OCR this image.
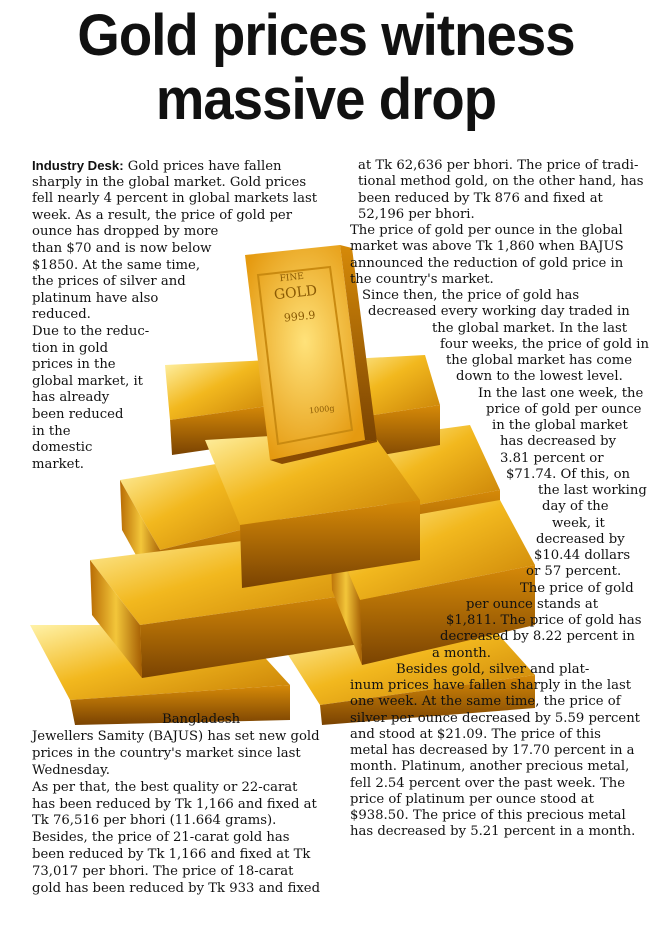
Gold prices witness
massive drop
FINE
GOLD
999.9
1000g
Industry Desk: Gold prices have fallen
sharply in the global market. Gold prices
fell nearly 4 percent in global markets last
week. As a result, the price of gold per
ounce has dropped by more
than $70 and is now below
$1850. At the same time,
the prices of silver and
platinum have also
reduced.
Due to the reduc-
tion in gold
prices in the
global market, it
has already
been reduced
in the
domestic
market.
Bangladesh
Jewellers Samity (BAJUS) has set new gold
prices in the country's market since last
Wednesday.
As per that, the best quality or 22-carat
has been reduced by Tk 1,166 and fixed at
Tk 76,516 per bhori (11.664 grams).
Besides, the price of 21-carat gold has
been reduced by Tk 1,166 and fixed at Tk
73,017 per bhori. The price of 18-carat
gold has been reduced by Tk 933 and fixed
at Tk 62,636 per bhori. The price of tradi-
tional method gold, on the other hand, has
been reduced by Tk 876 and fixed at
52,196 per bhori.
The price of gold per ounce in the global
market was above Tk 1,860 when BAJUS
announced the reduction of gold price in
the country's market.
Since then, the price of gold has
decreased every working day traded in
the global market. In the last
four weeks, the price of gold in
the global market has come
down to the lowest level.
In the last one week, the
price of gold per ounce
in the global market
has decreased by
3.81 percent or
$71.74. Of this, on
the last working
day of the
week, it
decreased by
$10.44 dollars
or 57 percent.
The price of gold
per ounce stands at
$1,811. The price of gold has
decreased by 8.22 percent in
a month.
Besides gold, silver and plat-
inum prices have fallen sharply in the last
one week. At the same time, the price of
silver per ounce decreased by 5.59 percent
and stood at $21.09. The price of this
metal has decreased by 17.70 percent in a
month. Platinum, another precious metal,
fell 2.54 percent over the past week. The
price of platinum per ounce stood at
$938.50. The price of this precious metal
has decreased by 5.21 percent in a month.
